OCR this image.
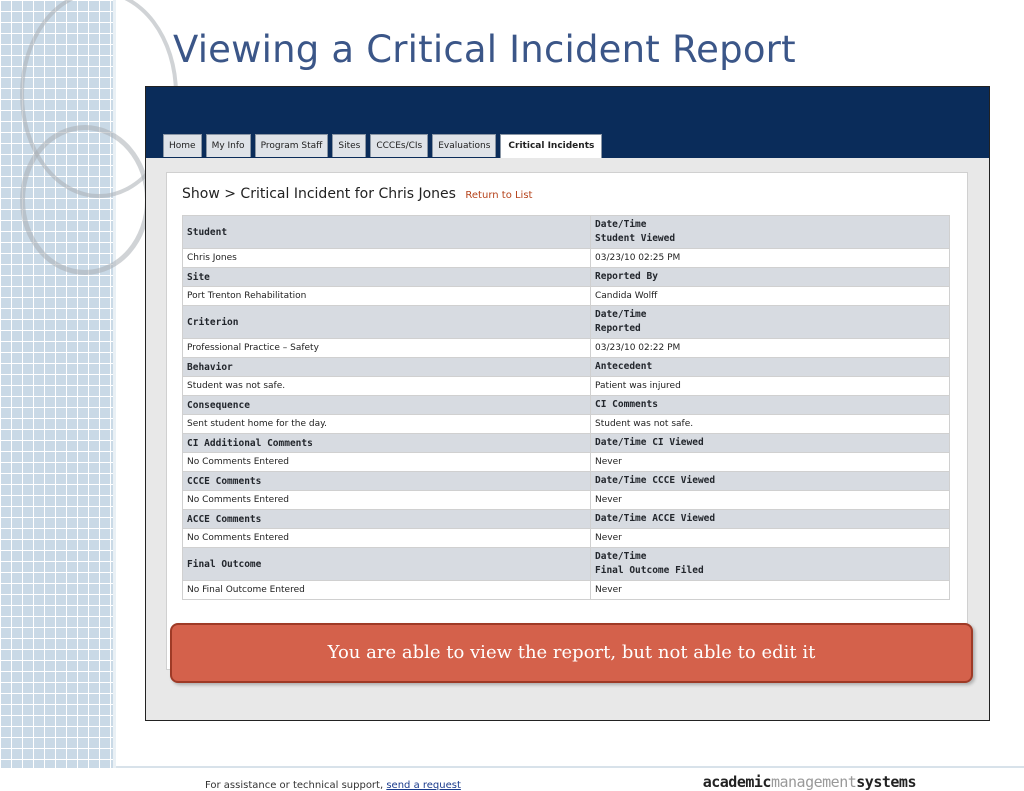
Viewing a Critical Incident Report
Home	My Info	Program Staff	Sites	CCCEs/CIs	Evaluations	Critical Incidents
Show > Critical Incident for Chris Jones Return to List
Student	Date/Time
Student Viewed

Chris Jones	03/23/10 02:25 PM
Site	Reported By

Port Trenton Rehabilitation	Candida Wolff
Criterion	Date/Time
Reported

Professional Practice – Safety	03/23/10 02:22 PM
Behavior	Antecedent

Student was not safe.	Patient was injured
Consequence	CI Comments

Sent student home for the day.	Student was not safe.
CI Additional Comments	Date/Time CI Viewed

No Comments Entered	Never
CCCE Comments	Date/Time CCCE Viewed

No Comments Entered	Never
ACCE Comments	Date/Time ACCE Viewed

No Comments Entered	Never
Final Outcome	Date/Time
Final Outcome Filed

No Final Outcome Entered	Never
For assistance or technical support, send a request	academicmanagementsystems
You are able to view the report, but not able to edit it
